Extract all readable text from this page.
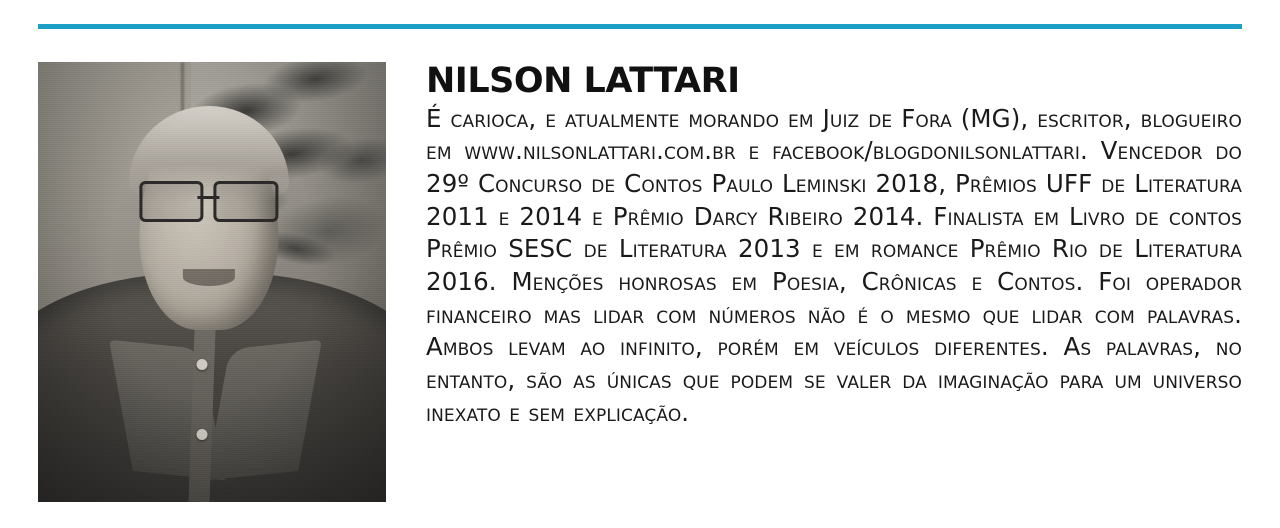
NILSON LATTARI

É carioca, e atualmente morando em Juiz de Fora (MG), escritor, blogueiro em www.nilsonlattari.com.br e facebook/blogdonilsonlattari. Vencedor do 29º Concurso de Contos Paulo Leminski 2018, Prêmios UFF de Literatura 2011 e 2014 e Prêmio Darcy Ribeiro 2014. Finalista em Livro de contos Prêmio SESC de Literatura 2013 e em romance Prêmio Rio de Literatura 2016. Menções honrosas em Poesia, Crônicas e Contos. Foi operador financeiro mas lidar com números não é o mesmo que lidar com palavras. Ambos levam ao infinito, porém em veículos diferentes. As palavras, no entanto, são as únicas que podem se valer da imaginação para um universo inexato e sem explicação.
